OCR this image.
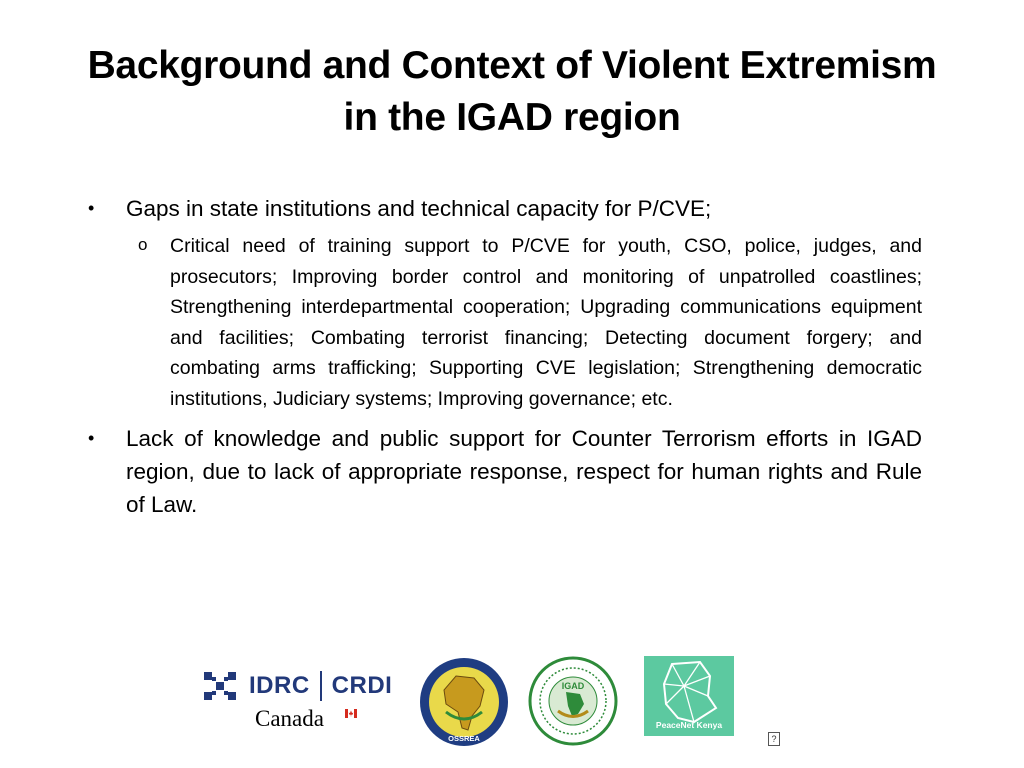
Background and Context of Violent Extremism
in the IGAD region
• Gaps in state institutions and technical capacity for P/CVE;
o Critical need of training support to P/CVE for youth, CSO, police, judges, and prosecutors; Improving border control and monitoring of unpatrolled coastlines; Strengthening interdepartmental cooperation; Upgrading communications equipment and facilities; Combating terrorist financing; Detecting document forgery; and combating arms trafficking; Supporting CVE legislation; Strengthening democratic institutions, Judiciary systems; Improving governance; etc.
• Lack of knowledge and public support for Counter Terrorism efforts in IGAD region, due to lack of appropriate response, respect for human rights and Rule of Law.
IDRC CRDI
Canada
OSSREA
IGAD
PeaceNet Kenya
?
